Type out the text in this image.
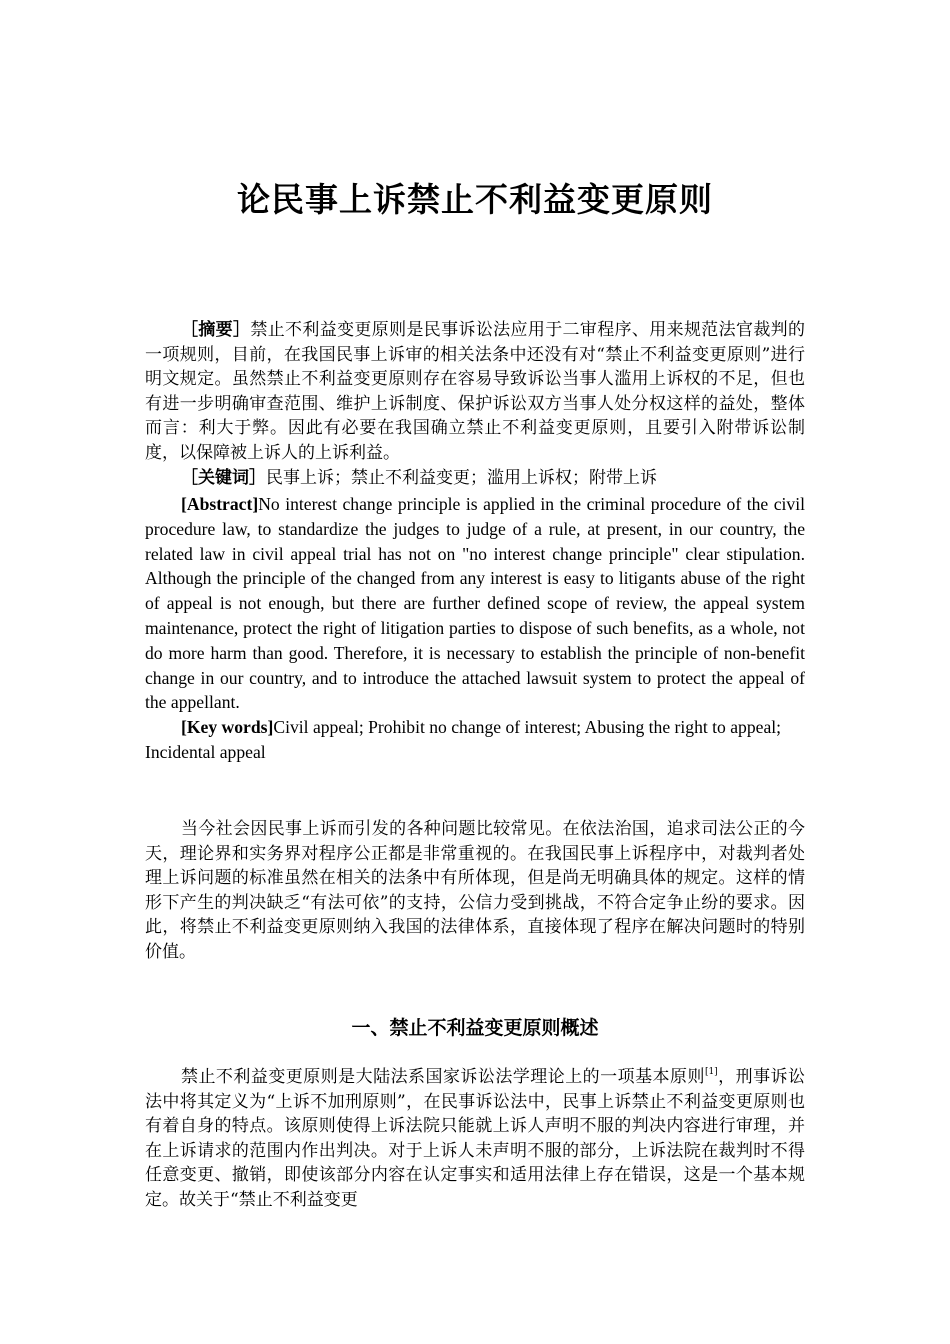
论民事上诉禁止不利益变更原则

［摘要］禁止不利益变更原则是民事诉讼法应用于二审程序、用来规范法官裁判的一项规则，目前，在我国民事上诉审的相关法条中还没有对“禁止不利益变更原则”进行明文规定。虽然禁止不利益变更原则存在容易导致诉讼当事人滥用上诉权的不足，但也有进一步明确审查范围、维护上诉制度、保护诉讼双方当事人处分权这样的益处，整体而言：利大于弊。因此有必要在我国确立禁止不利益变更原则，且要引入附带诉讼制度，以保障被上诉人的上诉利益。

［关键词］民事上诉；禁止不利益变更；滥用上诉权；附带上诉

[Abstract]No interest change principle is applied in the criminal procedure of the civil procedure law, to standardize the judges to judge of a rule, at present, in our country, the related law in civil appeal trial has not on "no interest change principle" clear stipulation. Although the principle of the changed from any interest is easy to litigants abuse of the right of appeal is not enough, but there are further defined scope of review, the appeal system maintenance, protect the right of litigation parties to dispose of such benefits, as a whole, not do more harm than good. Therefore, it is necessary to establish the principle of non-benefit change in our country, and to introduce the attached lawsuit system to protect the appeal of the appellant.

[Key words]Civil appeal; Prohibit no change of interest; Abusing the right to appeal; Incidental appeal

当今社会因民事上诉而引发的各种问题比较常见。在依法治国，追求司法公正的今天，理论界和实务界对程序公正都是非常重视的。在我国民事上诉程序中，对裁判者处理上诉问题的标准虽然在相关的法条中有所体现，但是尚无明确具体的规定。这样的情形下产生的判决缺乏“有法可依”的支持，公信力受到挑战，不符合定争止纷的要求。因此，将禁止不利益变更原则纳入我国的法律体系，直接体现了程序在解决问题时的特别价值。

一、禁止不利益变更原则概述

禁止不利益变更原则是大陆法系国家诉讼法学理论上的一项基本原则[1]，刑事诉讼法中将其定义为“上诉不加刑原则”，在民事诉讼法中，民事上诉禁止不利益变更原则也有着自身的特点。该原则使得上诉法院只能就上诉人声明不服的判决内容进行审理，并在上诉请求的范围内作出判决。对于上诉人未声明不服的部分，上诉法院在裁判时不得任意变更、撤销，即使该部分内容在认定事实和适用法律上存在错误，这是一个基本规定。故关于“禁止不利益变更
